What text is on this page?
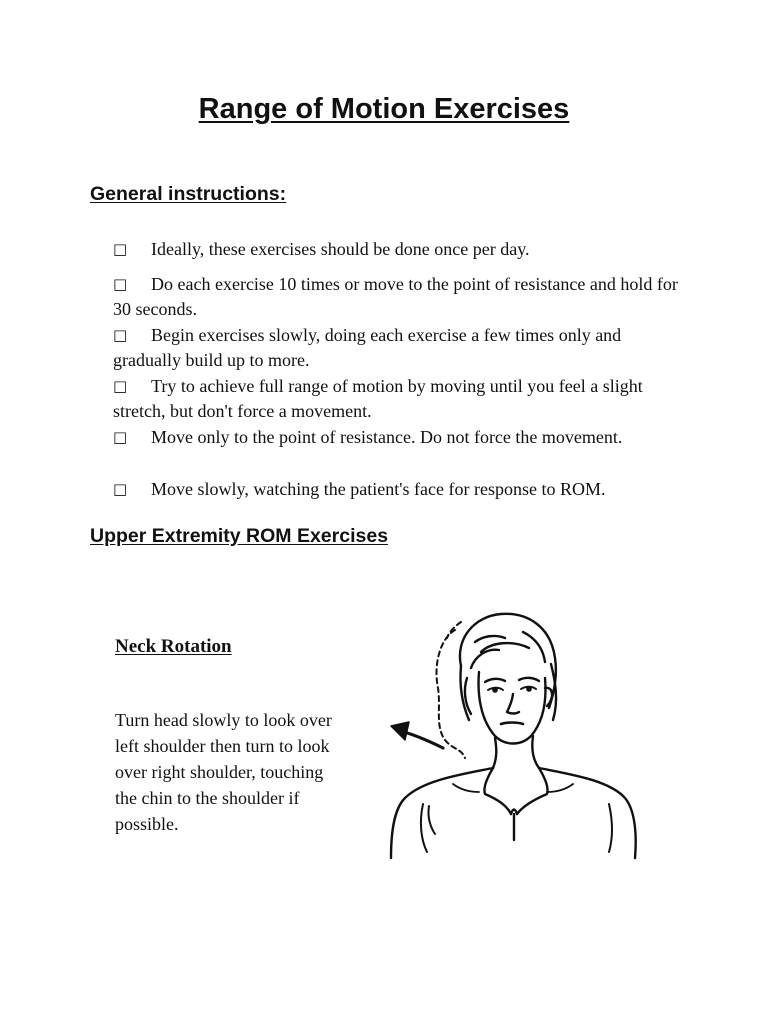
Range of Motion Exercises
General instructions:
□ Ideally, these exercises should be done once per day.
□ Do each exercise 10 times or move to the point of resistance and hold for 30 seconds.
□ Begin exercises slowly, doing each exercise a few times only and gradually build up to more.
□ Try to achieve full range of motion by moving until you feel a slight stretch, but don't force a movement.
□ Move only to the point of resistance. Do not force the movement.
□ Move slowly, watching the patient's face for response to ROM.
Upper Extremity ROM Exercises
Neck Rotation

Turn head slowly to look over left shoulder then turn to look over right shoulder, touching the chin to the shoulder if possible.
